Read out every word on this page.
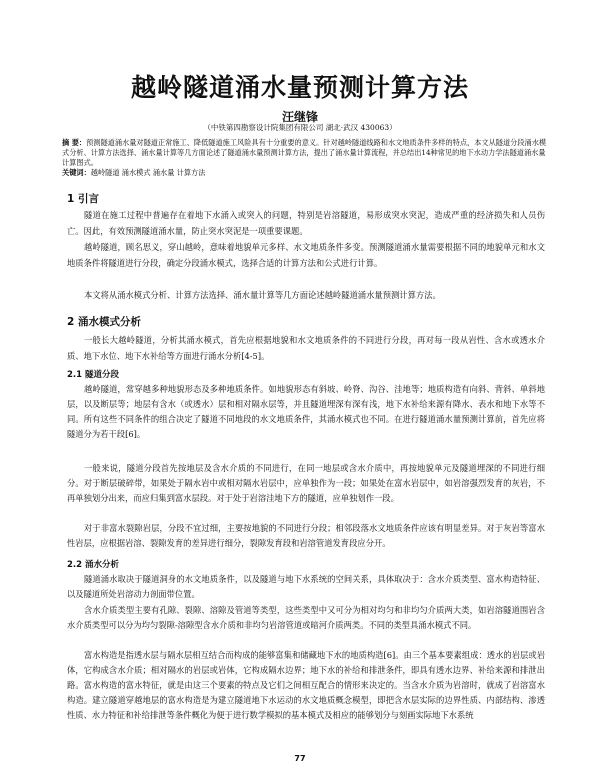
越岭隧道涌水量预测计算方法
汪继锋
（中铁第四勘察设计院集团有限公司 湖北·武汉 430063）
摘 要：预测隧道涌水量对隧道正常施工、降低隧道施工风险具有十分重要的意义。针对越岭隧道线路和水文地质条件多样的特点，本文从隧道分段涌水模式分析、计算方法选择、涌水量计算等几方面论述了隧道涌水量预测计算方法，提出了涌水量计算流程，并总结出14种常见的地下水动力学法隧道涌水量计算图式。
关键词：越岭隧道 涌水模式 涌水量 计算方法
1 引言
隧道在施工过程中普遍存在着地下水涌入或突入的问题，特别是岩溶隧道，易形成突水突泥，造成严重的经济损失和人员伤亡。因此，有效预测隧道涌水量，防止突水突泥是一项重要课题。
越岭隧道，顾名思义，穿山越岭，意味着地貌单元多样、水文地质条件多变。预测隧道涌水量需要根据不同的地貌单元和水文地质条件将隧道进行分段，确定分段涌水模式，选择合适的计算方法和公式进行计算。
本文将从涌水模式分析、计算方法选择、涌水量计算等几方面论述越岭隧道涌水量预测计算方法。
2 涌水模式分析
一般长大越岭隧道，分析其涌水模式，首先应根据地貌和水文地质条件的不同进行分段，再对每一段从岩性、含水或透水介质、地下水位、地下水补给等方面进行涌水分析[4-5]。
2.1 隧道分段
越岭隧道，常穿越多种地貌形态及多种地质条件。如地貌形态有斜坡、岭脊、沟谷、洼地等；地质构造有向斜、背斜、单斜地层，以及断层等；地层有含水（或透水）层和相对隔水层等，并且隧道埋深有深有浅，地下水补给来源有降水、表水和地下水等不同。所有这些不同条件的组合决定了隧道不同地段的水文地质条件，其涌水模式也不同。在进行隧道涌水量预测计算前，首先应将隧道分为若干段[6]。
一般来说，隧道分段首先按地层及含水介质的不同进行，在同一地层或含水介质中，再按地貌单元及隧道埋深的不同进行细分。对于断层破碎带，如果处于隔水岩中或相对隔水岩层中，应单独作为一段；如果处在富水岩层中，如岩溶强烈发育的灰岩，不再单独划分出来，而应归集到富水层段。对于处于岩溶洼地下方的隧道，应单独划作一段。
对于非富水裂隙岩层，分段不宜过细，主要按地貌的不同进行分段；相邻段落水文地质条件应该有明显差异。对于灰岩等富水性岩层，应根据岩溶、裂隙发育的差异进行细分，裂隙发育段和岩溶管道发育段应分开。
2.2 涌水分析
隧道涌水取决于隧道洞身的水文地质条件，以及隧道与地下水系统的空间关系，具体取决于：含水介质类型、富水构造特征、以及隧道所处岩溶动力剖面带位置。
含水介质类型主要有孔隙、裂隙、溶隙及管道等类型，这些类型中又可分为相对均匀和非均匀介质两大类，如岩溶隧道围岩含水介质类型可以分为均匀裂隙-溶隙型含水介质和非均匀岩溶管道或暗河介质两类。不同的类型具涌水模式不同。
富水构造是指透水层与隔水层相互结合而构成的能够富集和储藏地下水的地质构造[6]。由三个基本要素组成：透水的岩层或岩体，它构成含水介质；相对隔水的岩层或岩体，它构成隔水边界；地下水的补给和排泄条件，即具有透水边界、补给来源和排泄出路。富水构造的富水特征，就是由这三个要素的特点及它们之间相互配合的情形来决定的。当含水介质为岩溶时，就成了岩溶富水构造。建立隧道穿越地层的富水构造是为建立隧道地下水运动的水文地质概念模型，即把含水层实际的边界性质、内部结构、渗透性质、水力特征和补给排泄等条件概化为便于进行数学模拟的基本模式及相应的能够划分与刻画实际地下水系统
77
